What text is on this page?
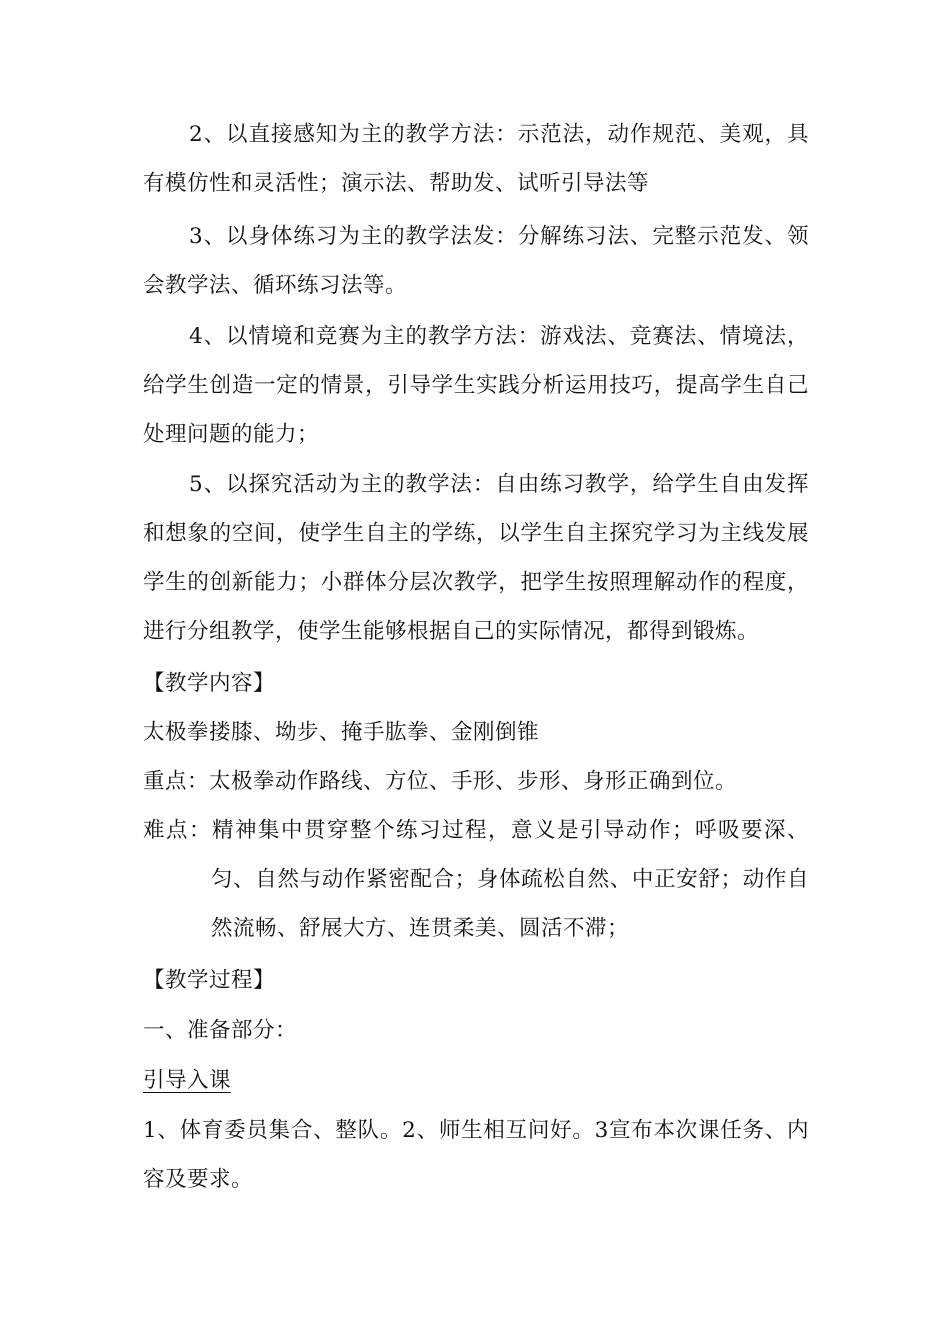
2、以直接感知为主的教学方法：示范法，动作规范、美观，具有模仿性和灵活性；演示法、帮助发、试听引导法等

3、以身体练习为主的教学法发：分解练习法、完整示范发、领会教学法、循环练习法等。

4、以情境和竞赛为主的教学方法：游戏法、竞赛法、情境法，给学生创造一定的情景，引导学生实践分析运用技巧，提高学生自己处理问题的能力；

5、以探究活动为主的教学法：自由练习教学，给学生自由发挥和想象的空间，使学生自主的学练，以学生自主探究学习为主线发展学生的创新能力；小群体分层次教学，把学生按照理解动作的程度，进行分组教学，使学生能够根据自己的实际情况，都得到锻炼。

【教学内容】

太极拳搂膝、坳步、掩手肱拳、金刚倒锥

重点：太极拳动作路线、方位、手形、步形、身形正确到位。

难点：精神集中贯穿整个练习过程，意义是引导动作；呼吸要深、匀、自然与动作紧密配合；身体疏松自然、中正安舒；动作自然流畅、舒展大方、连贯柔美、圆活不滞；

【教学过程】

一、准备部分：

引导入课

1、体育委员集合、整队。2、师生相互问好。3宣布本次课任务、内容及要求。
